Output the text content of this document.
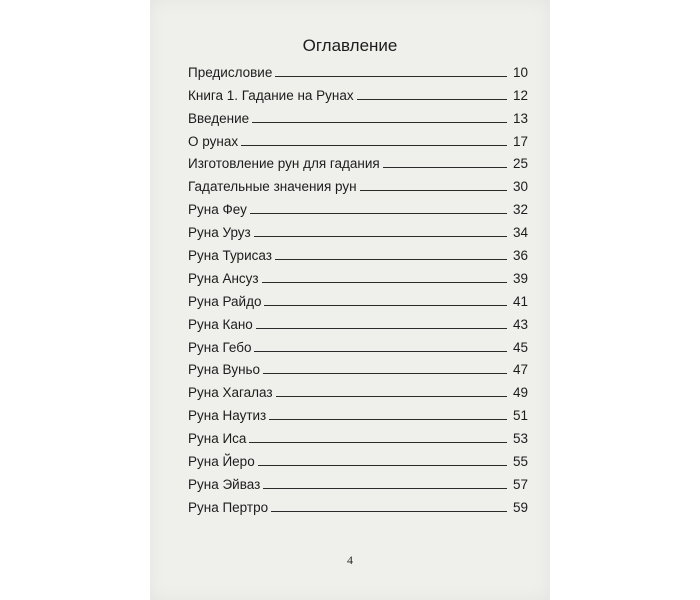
Оглавление
Предисловие	10
Книга 1. Гадание на Рунах	12
Введение	13
О рунах	17
Изготовление рун для гадания	25
Гадательные значения рун	30
Руна Феу	32
Руна Уруз	34
Руна Турисаз	36
Руна Ансуз	39
Руна Райдо	41
Руна Кано	43
Руна Гебо	45
Руна Вуньо	47
Руна Хагалаз	49
Руна Наутиз	51
Руна Иса	53
Руна Йеро	55
Руна Эйваз	57
Руна Пертро	59
4
